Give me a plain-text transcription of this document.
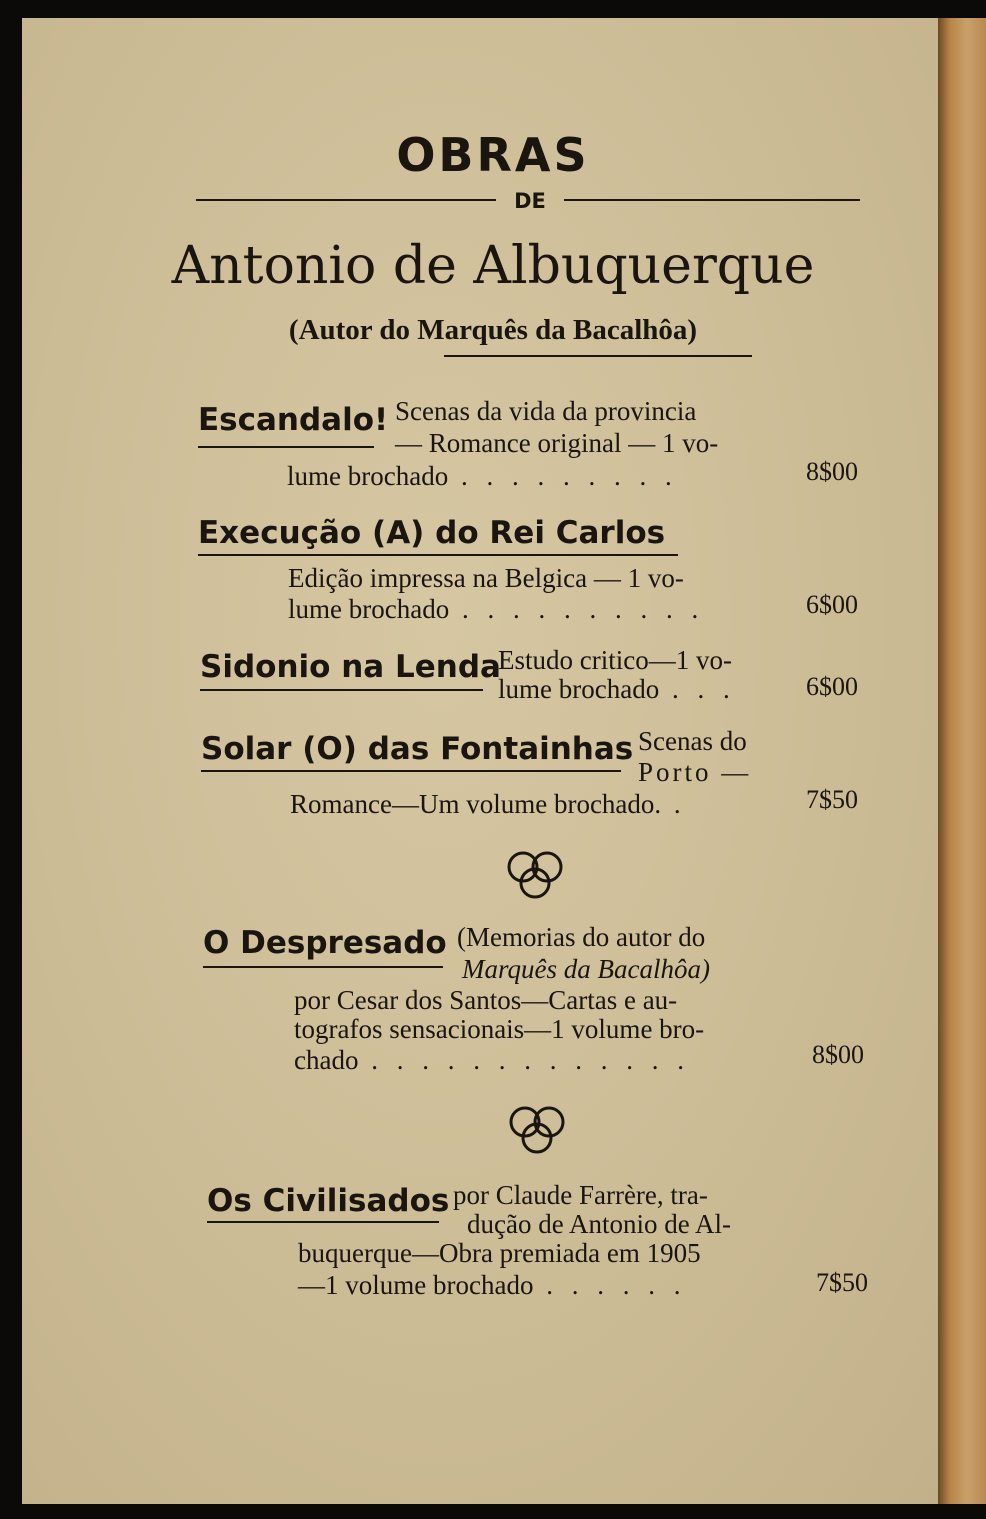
OBRAS
DE
Antonio de Albuquerque
(Autor do Marquês da Bacalhôa)
Escandalo! Scenas da vida da provincia
— Romance original — 1 vo-
lume brochado . . . . . . . . .	8$00
Execução (A) do Rei Carlos
Edição impressa na Belgica — 1 vo-
lume brochado . . . . . . . . . .	6$00
Sidonio na Lenda
Estudo critico—1 vo-
lume brochado . . .	6$00
Solar (O) das Fontainhas Scenas do
Porto —
Romance—Um volume brochado. .	7$50
O Despresado (Memorias do autor do
Marquês da Bacalhôa)
por Cesar dos Santos—Cartas e au-
tografos sensacionais—1 volume bro-
chado . . . . . . . . . . . . .	8$00
Os Civilisados por Claude Farrère, tra-
dução de Antonio de Al-
buquerque—Obra premiada em 1905
—1 volume brochado . . . . . .	7$50
